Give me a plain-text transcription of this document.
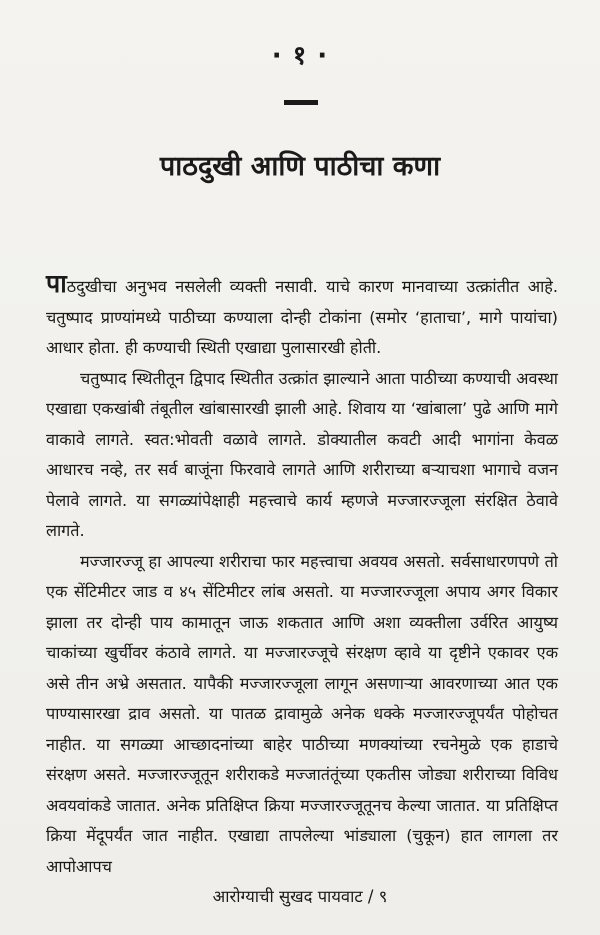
· १ ·
पाठदुखी आणि पाठीचा कणा

पाठदुखीचा अनुभव नसलेली व्यक्ती नसावी. याचे कारण मानवाच्या उत्क्रांतीत आहे. चतुष्पाद प्राण्यांमध्ये पाठीच्या कण्याला दोन्ही टोकांना (समोर ‘हाताचा’, मागे पायांचा) आधार होता. ही कण्याची स्थिती एखाद्या पुलासारखी होती.

चतुष्पाद स्थितीतून द्विपाद स्थितीत उत्क्रांत झाल्याने आता पाठीच्या कण्याची अवस्था एखाद्या एकखांबी तंबूतील खांबासारखी झाली आहे. शिवाय या ‘खांबाला’ पुढे आणि मागे वाकावे लागते. स्वत:भोवती वळावे लागते. डोक्यातील कवटी आदी भागांना केवळ आधारच नव्हे, तर सर्व बाजूंना फिरवावे लागते आणि शरीराच्या बऱ्याचशा भागाचे वजन पेलावे लागते. या सगळ्यांपेक्षाही महत्त्वाचे कार्य म्हणजे मज्जारज्जूला संरक्षित ठेवावे लागते.

मज्जारज्जू हा आपल्या शरीराचा फार महत्त्वाचा अवयव असतो. सर्वसाधारणपणे तो एक सेंटिमीटर जाड व ४५ सेंटिमीटर लांब असतो. या मज्जारज्जूला अपाय अगर विकार झाला तर दोन्ही पाय कामातून जाऊ शकतात आणि अशा व्यक्तीला उर्वरित आयुष्य चाकांच्या खुर्चीवर कंठावे लागते. या मज्जारज्जूचे संरक्षण व्हावे या दृष्टीने एकावर एक असे तीन अभ्रे असतात. यापैकी मज्जारज्जूला लागून असणाऱ्या आवरणाच्या आत एक पाण्यासारखा द्राव असतो. या पातळ द्रावामुळे अनेक धक्के मज्जारज्जूपर्यंत पोहोचत नाहीत. या सगळ्या आच्छादनांच्या बाहेर पाठीच्या मणक्यांच्या रचनेमुळे एक हाडाचे संरक्षण असते. मज्जारज्जूतून शरीराकडे मज्जातंतूंच्या एकतीस जोड्या शरीराच्या विविध अवयवांकडे जातात. अनेक प्रतिक्षिप्त क्रिया मज्जारज्जूतूनच केल्या जातात. या प्रतिक्षिप्त क्रिया मेंदूपर्यंत जात नाहीत. एखाद्या तापलेल्या भांड्याला (चुकून) हात लागला तर आपोआपच

आरोग्याची सुखद पायवाट / ९
